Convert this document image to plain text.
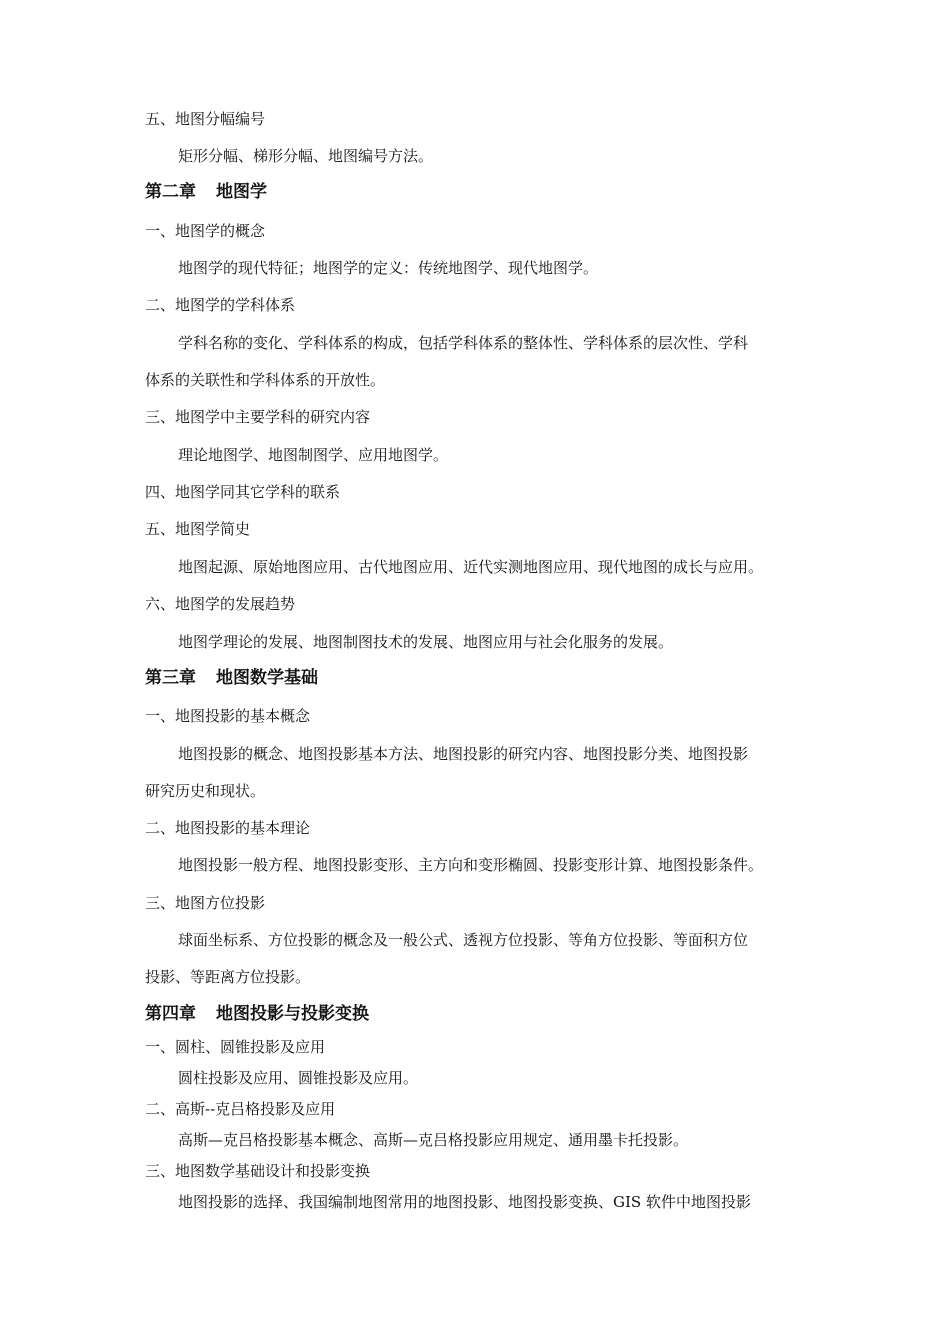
五、地图分幅编号
矩形分幅、梯形分幅、地图编号方法。
第二章 地图学
一、地图学的概念
地图学的现代特征；地图学的定义：传统地图学、现代地图学。
二、地图学的学科体系
学科名称的变化、学科体系的构成，包括学科体系的整体性、学科体系的层次性、学科
体系的关联性和学科体系的开放性。
三、地图学中主要学科的研究内容
理论地图学、地图制图学、应用地图学。
四、地图学同其它学科的联系
五、地图学简史
地图起源、原始地图应用、古代地图应用、近代实测地图应用、现代地图的成长与应用。
六、地图学的发展趋势
地图学理论的发展、地图制图技术的发展、地图应用与社会化服务的发展。
第三章 地图数学基础
一、地图投影的基本概念
地图投影的概念、地图投影基本方法、地图投影的研究内容、地图投影分类、地图投影
研究历史和现状。
二、地图投影的基本理论
地图投影一般方程、地图投影变形、主方向和变形椭圆、投影变形计算、地图投影条件。
三、地图方位投影
球面坐标系、方位投影的概念及一般公式、透视方位投影、等角方位投影、等面积方位
投影、等距离方位投影。
第四章 地图投影与投影变换
一、圆柱、圆锥投影及应用
圆柱投影及应用、圆锥投影及应用。
二、高斯--克吕格投影及应用
高斯—克吕格投影基本概念、高斯—克吕格投影应用规定、通用墨卡托投影。
三、地图数学基础设计和投影变换
地图投影的选择、我国编制地图常用的地图投影、地图投影变换、GIS 软件中地图投影
